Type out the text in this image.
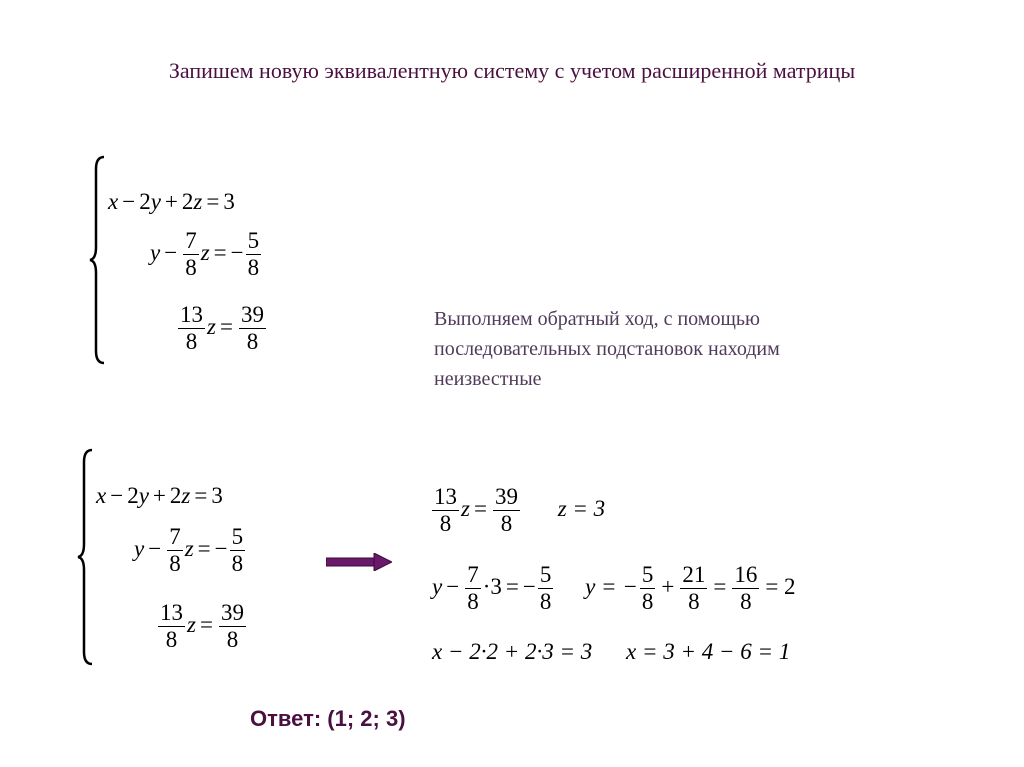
Запишем новую эквивалентную систему с учетом расширенной матрицы
x − 2y + 2z = 3
$y - \frac{7}{8}$ z = − $\frac{5}{8}$
$\frac{13}{8}$ $z = \frac{39}{8}$	Выполняем обратный ход, с помощью
последовательных подстановок находим
неизвестные
x − 2y + 2z = 3
$y - \frac{7}{8}$ z = − $\frac{5}{8}$
$\frac{13}{8}$ $z = \frac{39}{8}$
$\frac{13}{8}$ $z = \frac{39}{8}$ z = 3
$y - \frac{7}{8} \cdot 3$ = − $\frac{5}{8}$ y = − $\frac{5}{8} + \frac{21}{8} = \frac{16}{8} = 2$
x − 2·2 + 2·3 = 3 x = 3 + 4 − 6 = 1
Ответ: (1; 2; 3)
